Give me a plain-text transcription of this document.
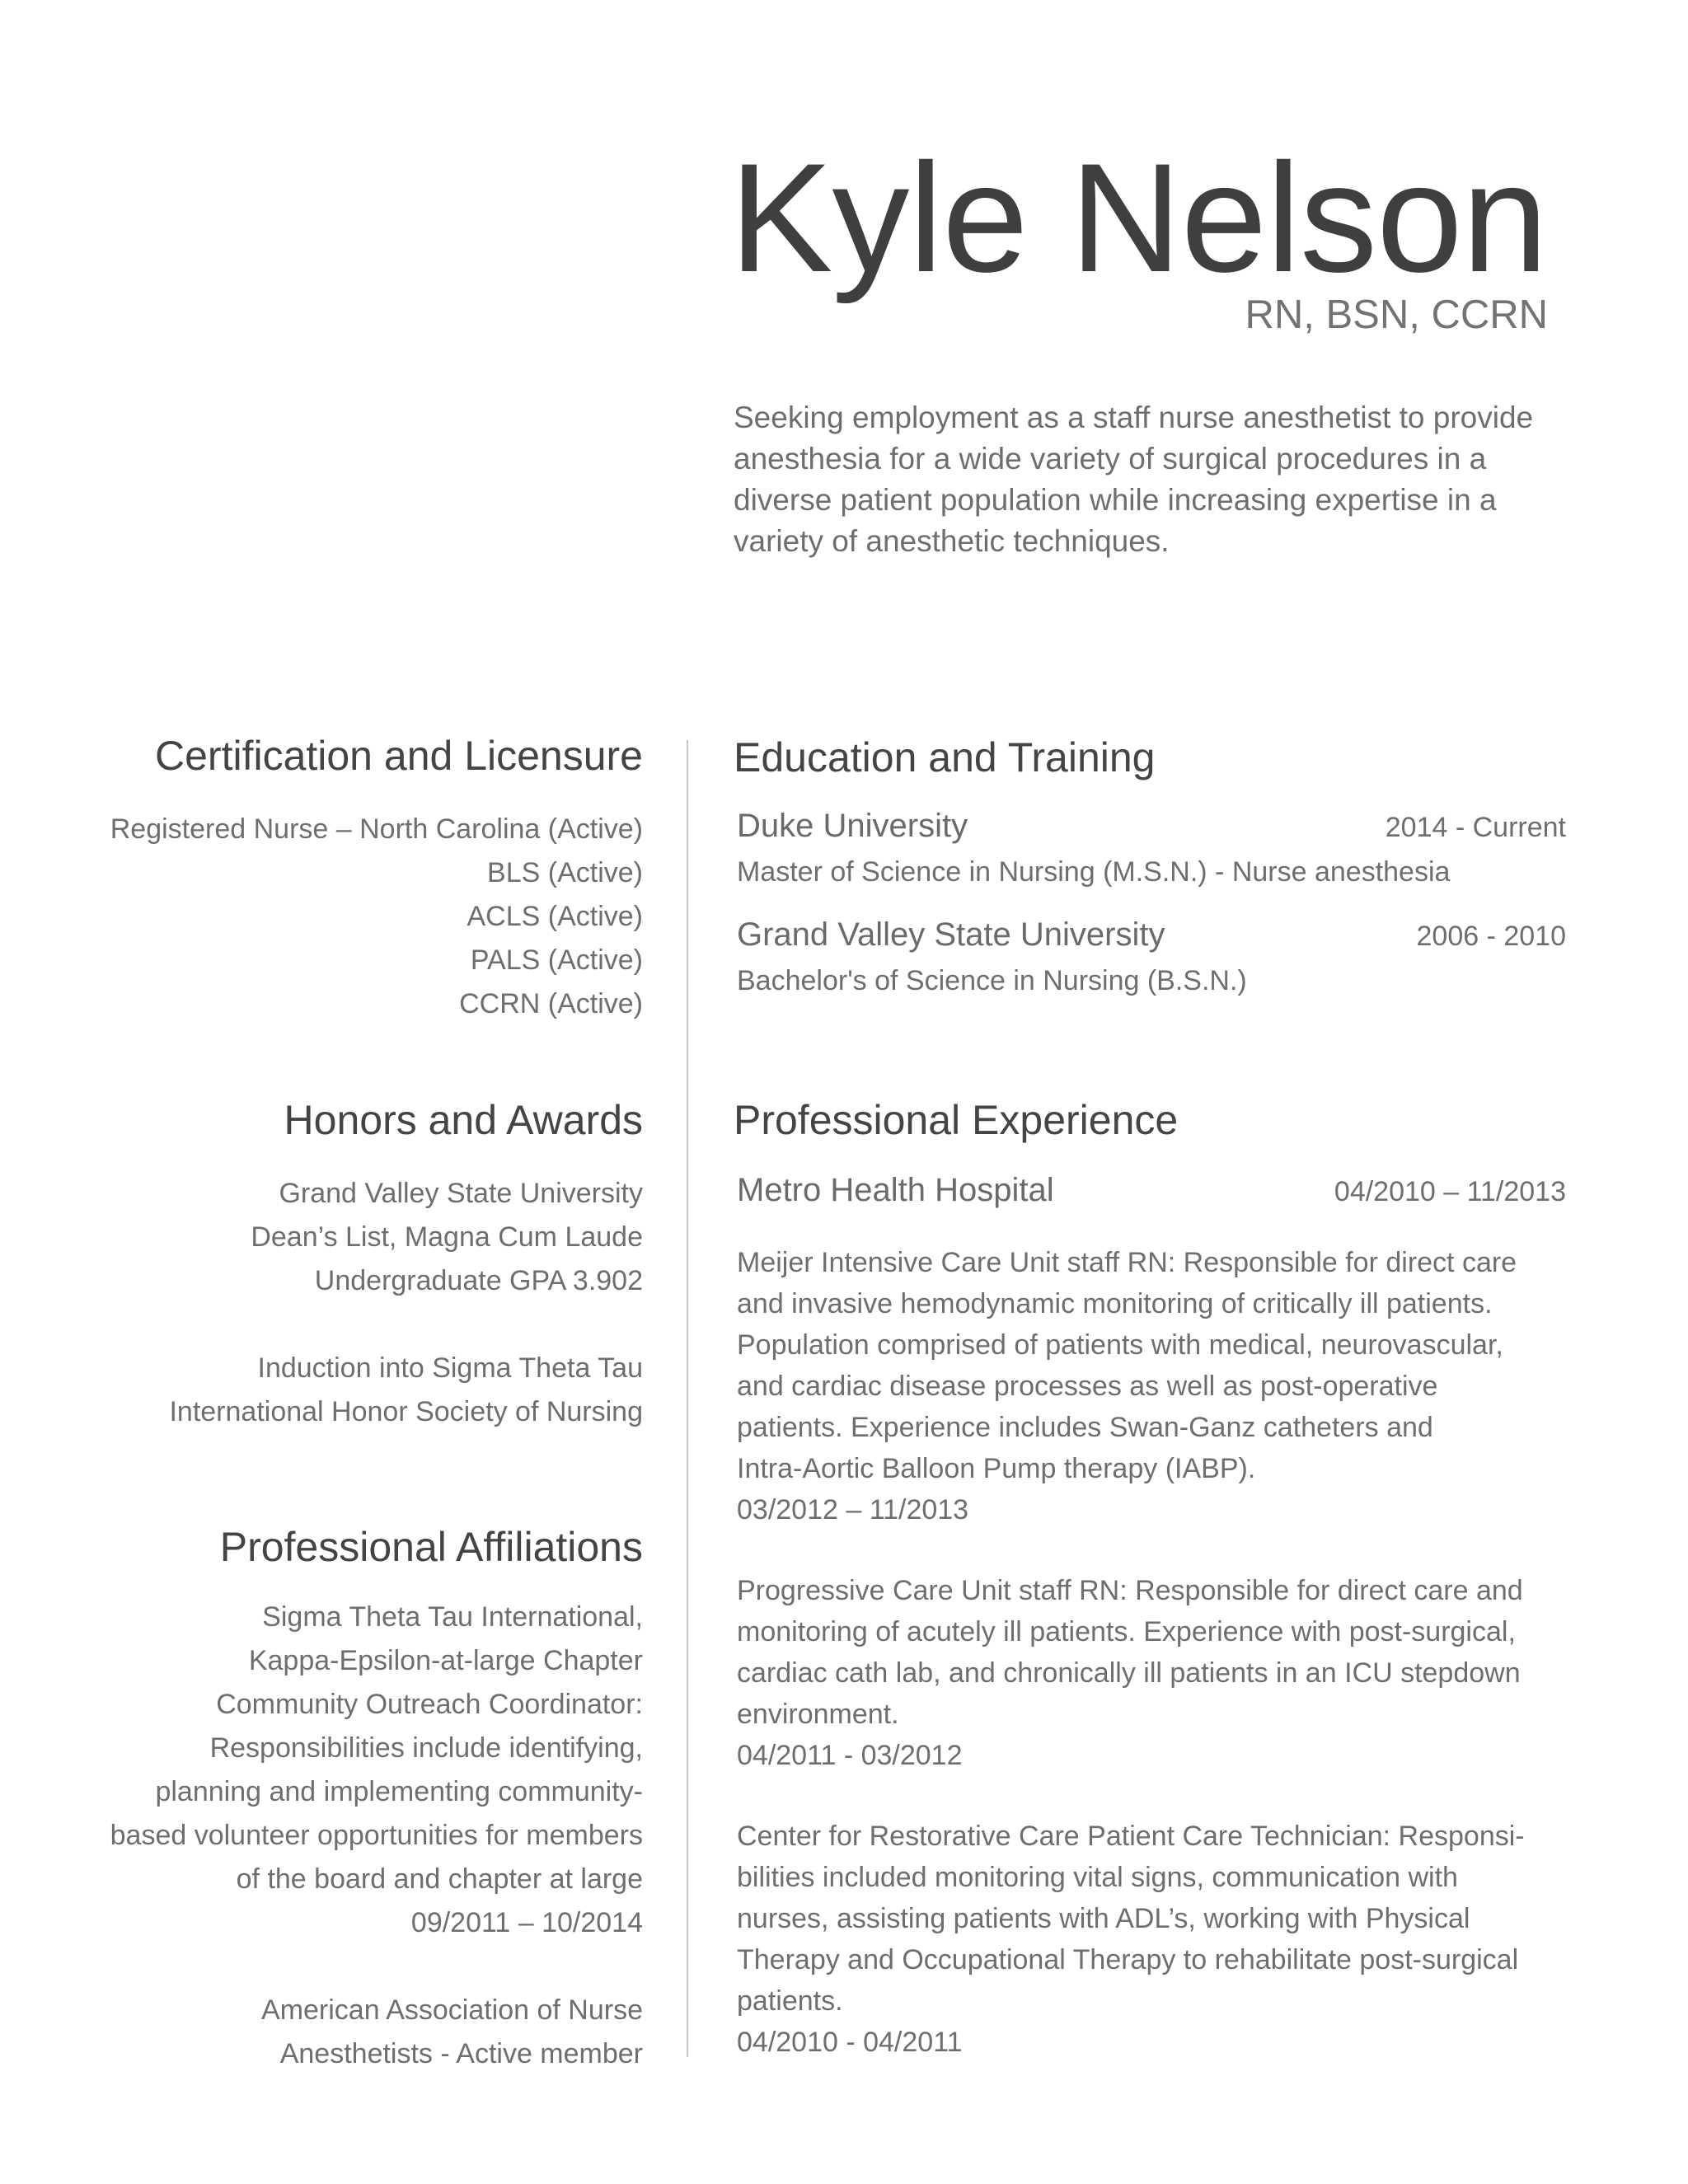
Kyle Nelson
RN, BSN, CCRN
Seeking employment as a staff nurse anesthetist to provide anesthesia for a wide variety of surgical procedures in a diverse patient population while increasing expertise in a variety of anesthetic techniques.
Certification and Licensure
Registered Nurse – North Carolina (Active)
BLS (Active)
ACLS (Active)
PALS (Active)
CCRN (Active)
Honors and Awards
Grand Valley State University
Dean’s List, Magna Cum Laude
Undergraduate GPA 3.902
Induction into Sigma Theta Tau
International Honor Society of Nursing
Professional Affiliations
Sigma Theta Tau International,
Kappa-Epsilon-at-large Chapter
Community Outreach Coordinator:
Responsibilities include identifying,
planning and implementing community-
based volunteer opportunities for members
of the board and chapter at large
09/2011 – 10/2014
American Association of Nurse
Anesthetists - Active member
Education and Training
Duke University	2014 - Current
Master of Science in Nursing (M.S.N.) - Nurse anesthesia
Grand Valley State University	2006 - 2010
Bachelor's of Science in Nursing (B.S.N.)
Professional Experience
Metro Health Hospital	04/2010 – 11/2013
Meijer Intensive Care Unit staff RN: Responsible for direct care
and invasive hemodynamic monitoring of critically ill patients.
Population comprised of patients with medical, neurovascular,
and cardiac disease processes as well as post-operative
patients. Experience includes Swan-Ganz catheters and
Intra-Aortic Balloon Pump therapy (IABP).
03/2012 – 11/2013
Progressive Care Unit staff RN: Responsible for direct care and
monitoring of acutely ill patients. Experience with post-surgical,
cardiac cath lab, and chronically ill patients in an ICU stepdown
environment.
04/2011 - 03/2012
Center for Restorative Care Patient Care Technician: Responsi-
bilities included monitoring vital signs, communication with
nurses, assisting patients with ADL’s, working with Physical
Therapy and Occupational Therapy to rehabilitate post-surgical
patients.
04/2010 - 04/2011
